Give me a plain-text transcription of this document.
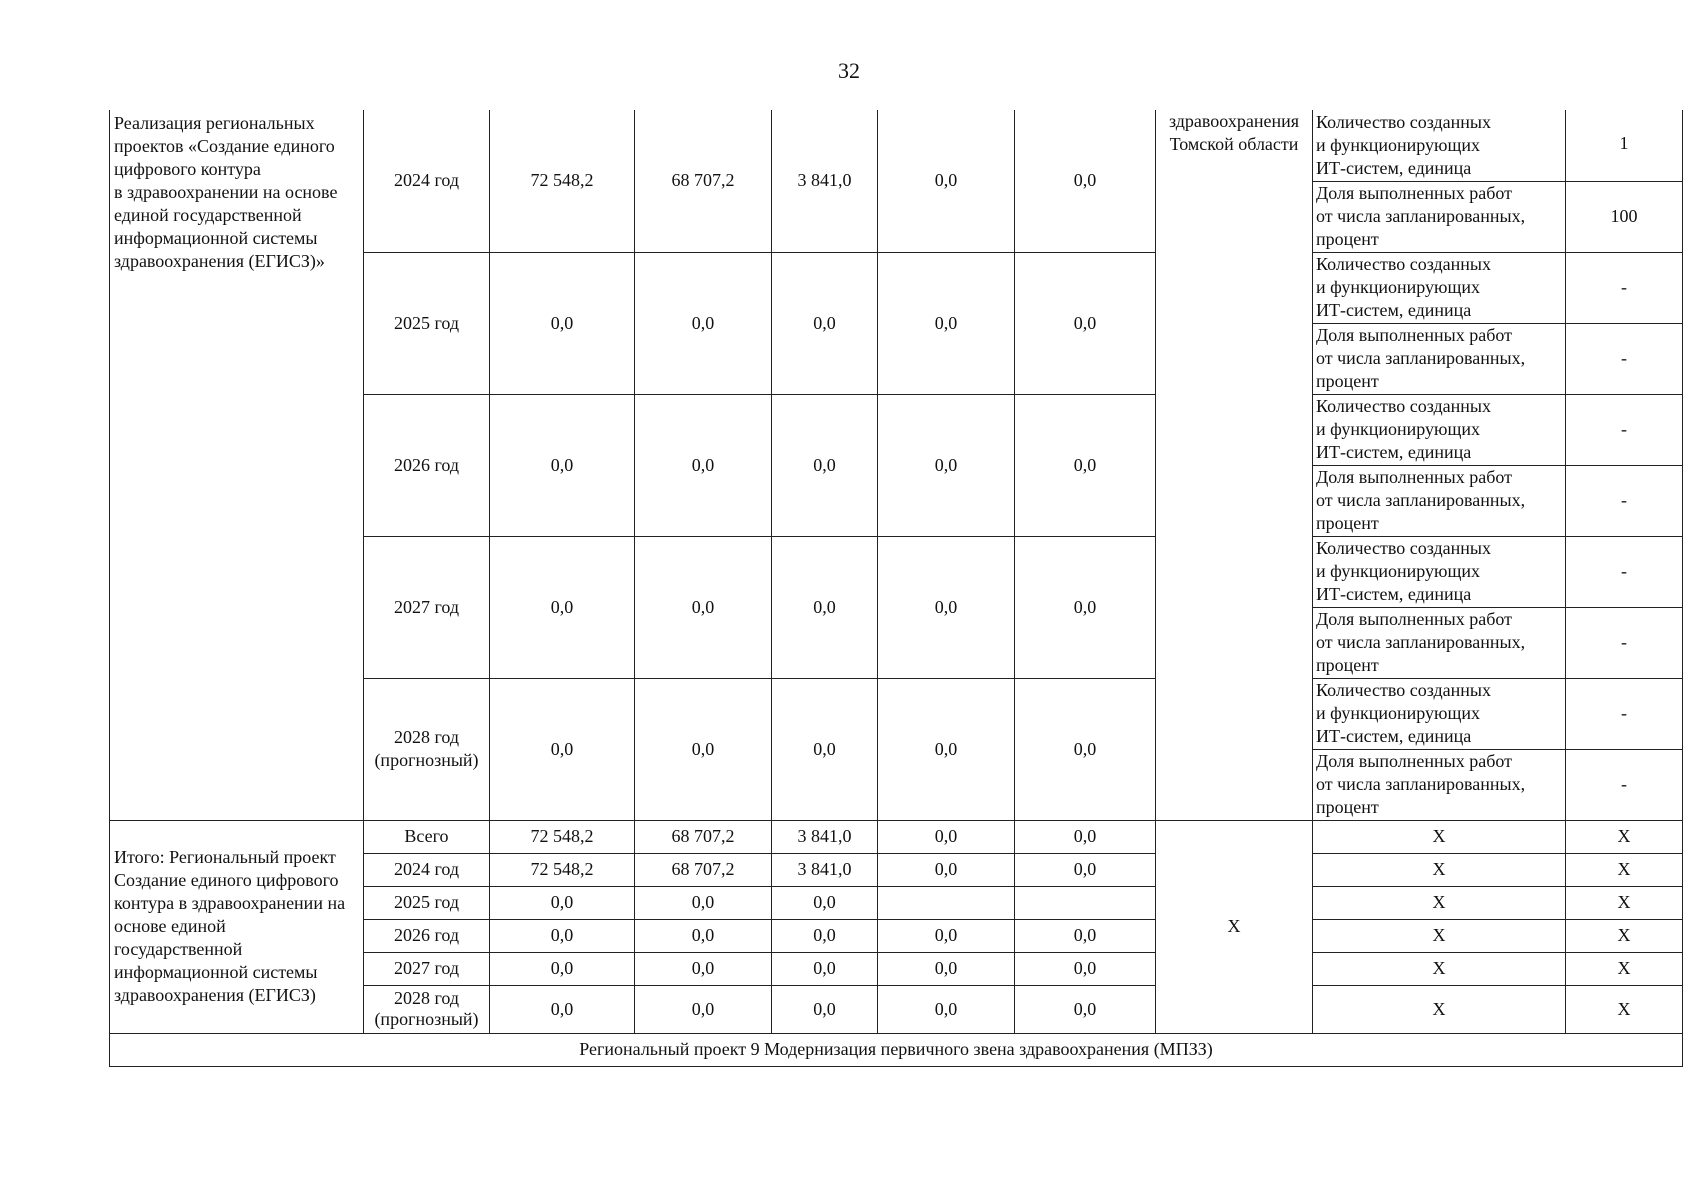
32
Реализация региональных проектов «Создание единого цифрового контура
в здравоохранении на основе единой государственной информационной системы здравоохранения (ЕГИСЗ)»	2024 год	72 548,2	68 707,2	3 841,0	0,0	0,0	здравоохранения Томской области	Количество созданных
и функционирующих
ИТ-систем, единица	1
								Доля выполненных работ
от числа запланированных,
процент	100
	2025 год	0,0	0,0	0,0	0,0	0,0		Количество созданных
и функционирующих
ИТ-систем, единица	-
								Доля выполненных работ
от числа запланированных,
процент	-
	2026 год	0,0	0,0	0,0	0,0	0,0		Количество созданных
и функционирующих
ИТ-систем, единица	-
								Доля выполненных работ
от числа запланированных,
процент	-
	2027 год	0,0	0,0	0,0	0,0	0,0		Количество созданных
и функционирующих
ИТ-систем, единица	-
								Доля выполненных работ
от числа запланированных,
процент	-
	2028 год
(прогнозный)	0,0	0,0	0,0	0,0	0,0		Количество созданных
и функционирующих
ИТ-систем, единица	-
								Доля выполненных работ
от числа запланированных,
процент	-
Итого: Региональный проект Создание единого цифрового контура в здравоохранении на основе единой государственной информационной системы здравоохранения (ЕГИСЗ)	Всего	72 548,2	68 707,2	3 841,0	0,0	0,0	X	X	X
	2024 год	72 548,2	68 707,2	3 841,0	0,0	0,0		X	X
	2025 год	0,0	0,0	0,0				X	X
	2026 год	0,0	0,0	0,0	0,0	0,0		X	X
	2027 год	0,0	0,0	0,0	0,0	0,0		X	X
	2028 год
(прогнозный)	0,0	0,0	0,0	0,0	0,0		X	X
Региональный проект 9 Модернизация первичного звена здравоохранения (МПЗЗ)									
